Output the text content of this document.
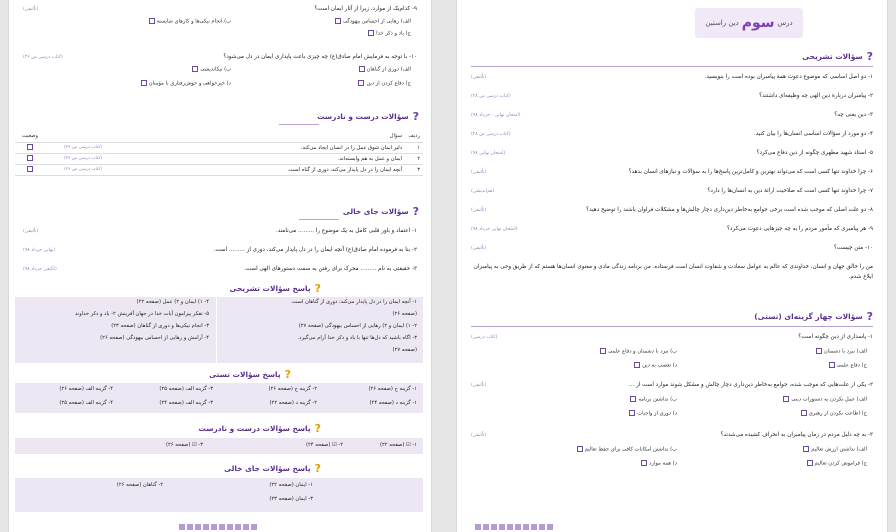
۹- کدام‌یک از موارد، زیرا از آثار ایمان است؟
(تألیفی)
الف) رهایی از احساس بیهودگی
ب) انجام نیکی‌ها و کارهای شایسته
ج) یاد و ذکر خدا
۱۰- با توجه به فرمایش امام صادق(ع) چه چیزی باعث پایداری ایمان در دل می‌شود؟
(کتاب درسی ص ۲۶)
الف) دوری از گناهان
ب) نیکاندیشی
ج) دفاع کردن از دین
د) خیرخواهی و خوش‌رفتاری با مؤمنان
?
سؤالات درست و نادرست
ردیف	سؤال		وضعیت
۱	دلیر ایمان شوق عمل را در انسان ایجاد می‌کند.	(کتاب درسی ص ۲۲)	
۲	ایمان و عمل به هم وابسته‌اند.	(کتاب درسی ص ۲۲)	
۳	آنچه ایمان را در دل پایدار می‌کند، دوری از گناه است.	(کتاب درسی ص ۲۶)	
?
سؤالات جای خالی
۱- اعتماد و باور قلبی کامل به یک موضوع را ......... می‌نامند.
(تألیفی)
۲- بنا به فرموده امام صادق(ع) آنچه ایمان را در دل پایدار می‌کند، دوری از ......... است.
(نهایی خرداد ۹۸)
۳- حقیقتی به نام ......... محرک برای رفتن به سمت دستورهای الهی است.
(تألیفی خرداد ۹۸)
?
پاسخ سؤالات تشریحی
۱- آنچه ایمان را در دل پایدار می‌کند، دوری از گناهان است.
(صفحه ۲۶)
۲- ۱) ایمان و ۲) رهایی از احساس بیهودگی (صفحه ۲۷)
۳- اگاه باشید که دل‌ها تنها با یاد و ذکر خدا آرام می‌گیرد.
(صفحه ۲۷)
۴- ۱) ایمان و ۲) عمل (صفحه ۲۲)
۵- تفکر پیرامون آیات خدا در جهان آفرینش ۲- یاد و ذکر خداوند
۳- انجام نیکی‌ها و دوری از گناهان (صفحه ۲۳)
۴- آرامش و رهایی از احساس بیهودگی (صفحه ۲۶)
?
پاسخ سؤالات تستی
۱- گزینه ج (صفحه ۲۶)
۲- گزینه ج (صفحه ۲۶)
۳- گزینه الف (صفحه ۲۵)
۴- گزینه الف (صفحه ۲۶)
۱- گزینه د (صفحه ۲۴)
۲- گزینه د (صفحه ۲۲)
۳- گزینه الف (صفحه ۲۴)
۴- گزینه الف (صفحه ۲۵)
?
پاسخ سؤالات درست و نادرست
۱- ☑ (صفحه ۲۲)
۲- ☑ (صفحه ۲۴)
۳- ☑ (صفحه ۲۶)
?
پاسخ سؤالات جای خالی
۱- ایمان (صفحه ۲۲)
۲- گناهان (صفحه ۲۶)
۳- ایمان (صفحه ۲۳)
درس
سوم
دین راستین
?
سؤالات تشریحی
۱- دو اصل اساسی که موضوع دعوت همهٔ پیامبران بوده است را بنویسید.
(تألیفی)
۲- پیامبران دربارهٔ دین الهی چه وظیفه‌ای داشتند؟
(کتاب درسی ص ۲۸)
۳- دین یعنی چه؟
(امتحان نهایی - خرداد ۹۸)
۴- دو مورد از سؤالات اساسی انسان‌ها را بیان کنید.
(کتاب درسی ص ۲۸)
۵- استاد شهید مطهری چگونه از دین دفاع می‌کرد؟
(امتحان نهایی ۹۸)
۶- چرا خداوند تنها کسی است که می‌تواند بهترین و کامل‌ترین پاسخ‌ها را به سؤالات و نیازهای انسان بدهد؟
(تألیفی)
۷- چرا خداوند تنها کسی است که صلاحیت ارائهٔ دین به انسان‌ها را دارد؟
(هم‌اندیشی)
۸- دو علت اصلی که موجب شده است برخی جوامع به‌خاطر دین‌داری دچار چالش‌ها و مشکلات فراوان باشند را توضیح دهید؟
(تألیفی)
۹- هر پیامبری که مأمور مردم را به چه چیزهایی دعوت می‌کرد؟
(امتحان نهایی خرداد ۹۸)
۱۰- متن چیست؟
(تألیفی)
من را خالق جهان و انسان، خداوندی که عالم به عوامل سعادت و شقاوت انسان است فرستاده. من برنامه زندگی مادی و معنوی انسان‌ها هستم که از طریق وحی به پیامبران ابلاغ شدم.
?
سؤالات چهار گزینه‌ای (تستی)
۱- پاسداری از دین چگونه است؟
(کتاب درسی)
الف) نبرد با دشمنان
ب) نبرد با دشمنان و دفاع علمی
ج) دفاع علمی
د) تعصب به دین
۲- یکی از علت‌هایی که موجب شده، جوامع به‌خاطر دین‌داری دچار چالش و مشکل شوند موارد است از ...
(تألیفی)
الف) عمل نکردن به دستورات دینی
ب) نداشتن برنامه
ج) اطاعت نکردن از رهبری
د) دوری از واجبات
۳- به چه دلیل مردم در زمان پیامبران به انحراف کشیده می‌شدند؟
(تألیفی)
الف) نداشتن ارزش تعالیم
ب) نداشتن امکانات کافی برای حفظ تعالیم
ج) فراموش کردن تعالیم
د) همه موارد
